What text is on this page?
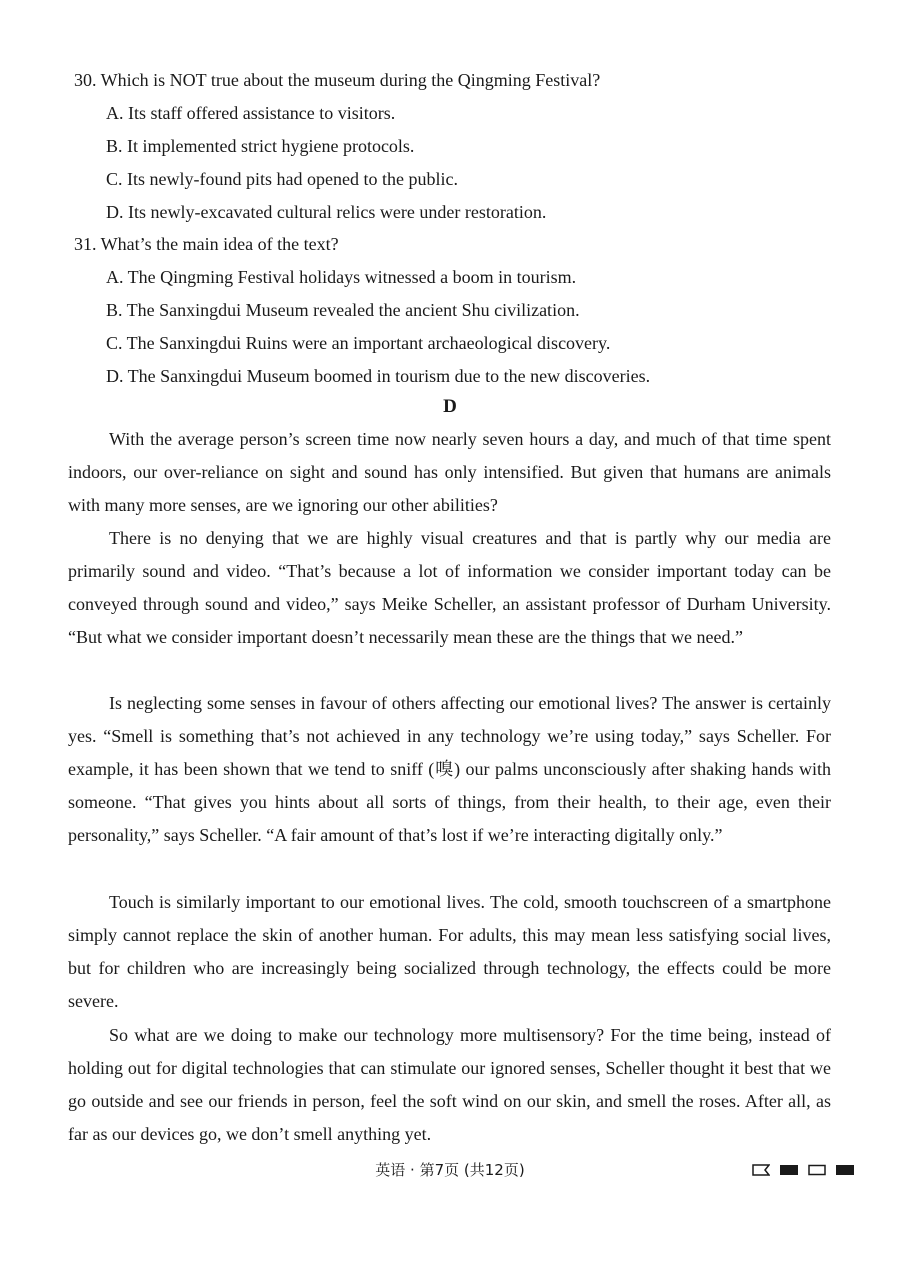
30. Which is NOT true about the museum during the Qingming Festival?
A. Its staff offered assistance to visitors.
B. It implemented strict hygiene protocols.
C. Its newly-found pits had opened to the public.
D. Its newly-excavated cultural relics were under restoration.
31. What’s the main idea of the text?
A. The Qingming Festival holidays witnessed a boom in tourism.
B. The Sanxingdui Museum revealed the ancient Shu civilization.
C. The Sanxingdui Ruins were an important archaeological discovery.
D. The Sanxingdui Museum boomed in tourism due to the new discoveries.
D

With the average person’s screen time now nearly seven hours a day, and much of that time spent indoors, our over-reliance on sight and sound has only intensified. But given that humans are animals with many more senses, are we ignoring our other abilities?

There is no denying that we are highly visual creatures and that is partly why our media are primarily sound and video. “That’s because a lot of information we consider important today can be conveyed through sound and video,” says Meike Scheller, an assistant professor of Durham University. “But what we consider important doesn’t necessarily mean these are the things that we need.”

Is neglecting some senses in favour of others affecting our emotional lives? The answer is certainly yes. “Smell is something that’s not achieved in any technology we’re using today,” says Scheller. For example, it has been shown that we tend to sniff (嗅) our palms unconsciously after shaking hands with someone. “That gives you hints about all sorts of things, from their health, to their age, even their personality,” says Scheller. “A fair amount of that’s lost if we’re interacting digitally only.”

Touch is similarly important to our emotional lives. The cold, smooth touchscreen of a smartphone simply cannot replace the skin of another human. For adults, this may mean less satisfying social lives, but for children who are increasingly being socialized through technology, the effects could be more severe.

So what are we doing to make our technology more multisensory? For the time being, instead of holding out for digital technologies that can stimulate our ignored senses, Scheller thought it best that we go outside and see our friends in person, feel the soft wind on our skin, and smell the roses. After all, as far as our devices go, we don’t smell anything yet.

英语 · 第7页 (共12页)
